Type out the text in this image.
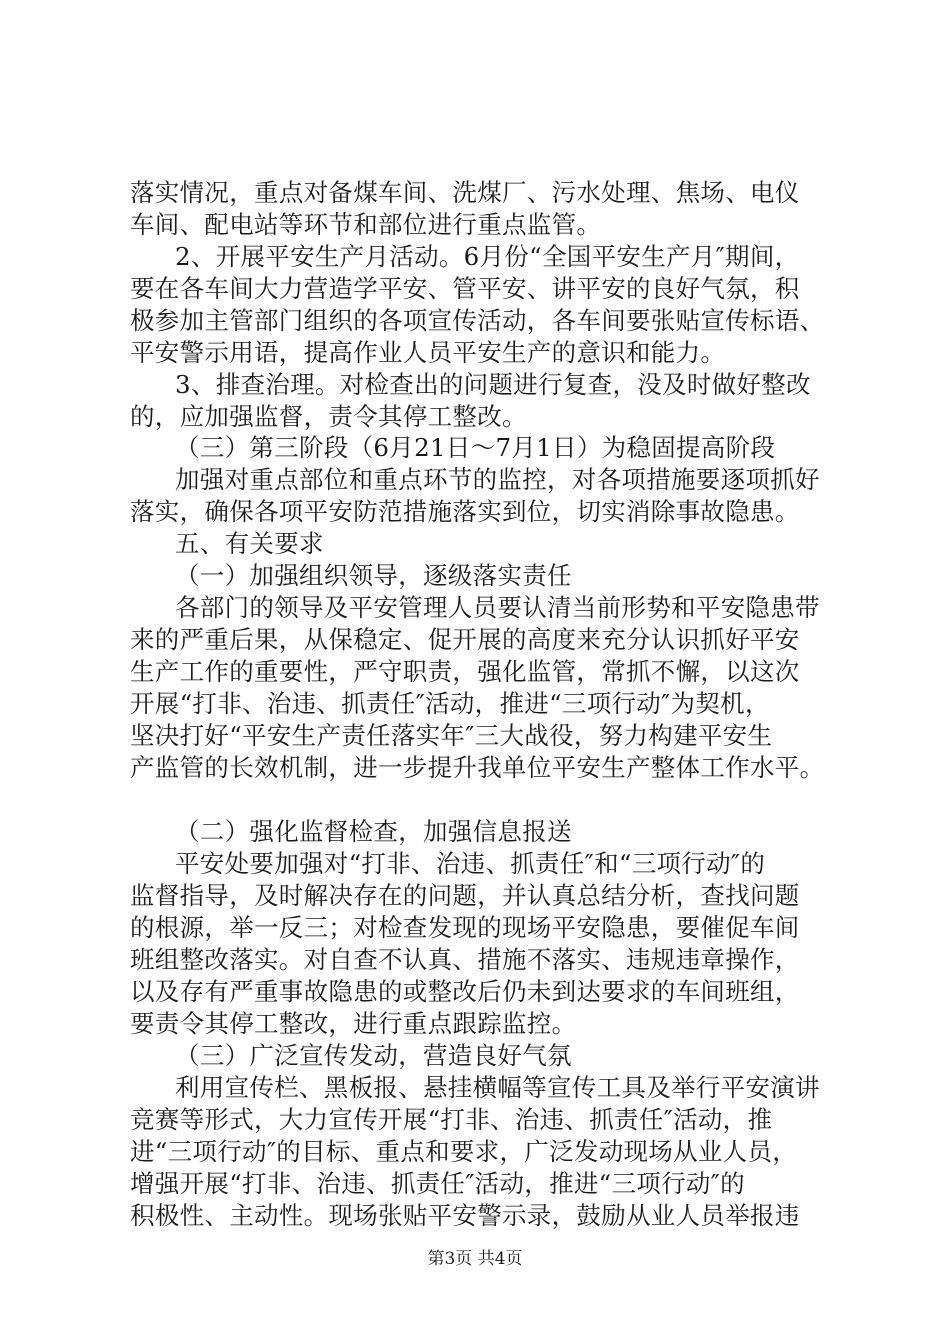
落实情况，重点对备煤车间、洗煤厂、污水处理、焦场、电仪
车间、配电站等环节和部位进行重点监管。
2、开展平安生产月活动。6月份“全国平安生产月″期间，
要在各车间大力营造学平安、管平安、讲平安的良好气氛，积
极参加主管部门组织的各项宣传活动，各车间要张贴宣传标语、
平安警示用语，提高作业人员平安生产的意识和能力。
3、排查治理。对检查出的问题进行复查，没及时做好整改
的，应加强监督，责令其停工整改。
（三）第三阶段（6月21日～7月1日）为稳固提高阶段
加强对重点部位和重点环节的监控，对各项措施要逐项抓好
落实，确保各项平安防范措施落实到位，切实消除事故隐患。
五、有关要求
（一）加强组织领导，逐级落实责任
各部门的领导及平安管理人员要认清当前形势和平安隐患带
来的严重后果，从保稳定、促开展的高度来充分认识抓好平安
生产工作的重要性，严守职责，强化监管，常抓不懈，以这次
开展“打非、治违、抓责任″活动，推进“三项行动″为契机，
坚决打好“平安生产责任落实年″三大战役，努力构建平安生
产监管的长效机制，进一步提升我单位平安生产整体工作水平。
（二）强化监督检查，加强信息报送
平安处要加强对“打非、治违、抓责任″和“三项行动″的
监督指导，及时解决存在的问题，并认真总结分析，查找问题
的根源，举一反三；对检查发现的现场平安隐患，要催促车间
班组整改落实。对自查不认真、措施不落实、违规违章操作，
以及存有严重事故隐患的或整改后仍未到达要求的车间班组，
要责令其停工整改，进行重点跟踪监控。
（三）广泛宣传发动，营造良好气氛
利用宣传栏、黑板报、悬挂横幅等宣传工具及举行平安演讲
竞赛等形式，大力宣传开展“打非、治违、抓责任″活动，推
进“三项行动″的目标、重点和要求，广泛发动现场从业人员，
增强开展“打非、治违、抓责任″活动，推进“三项行动″的
积极性、主动性。现场张贴平安警示录，鼓励从业人员举报违
第3页 共4页
